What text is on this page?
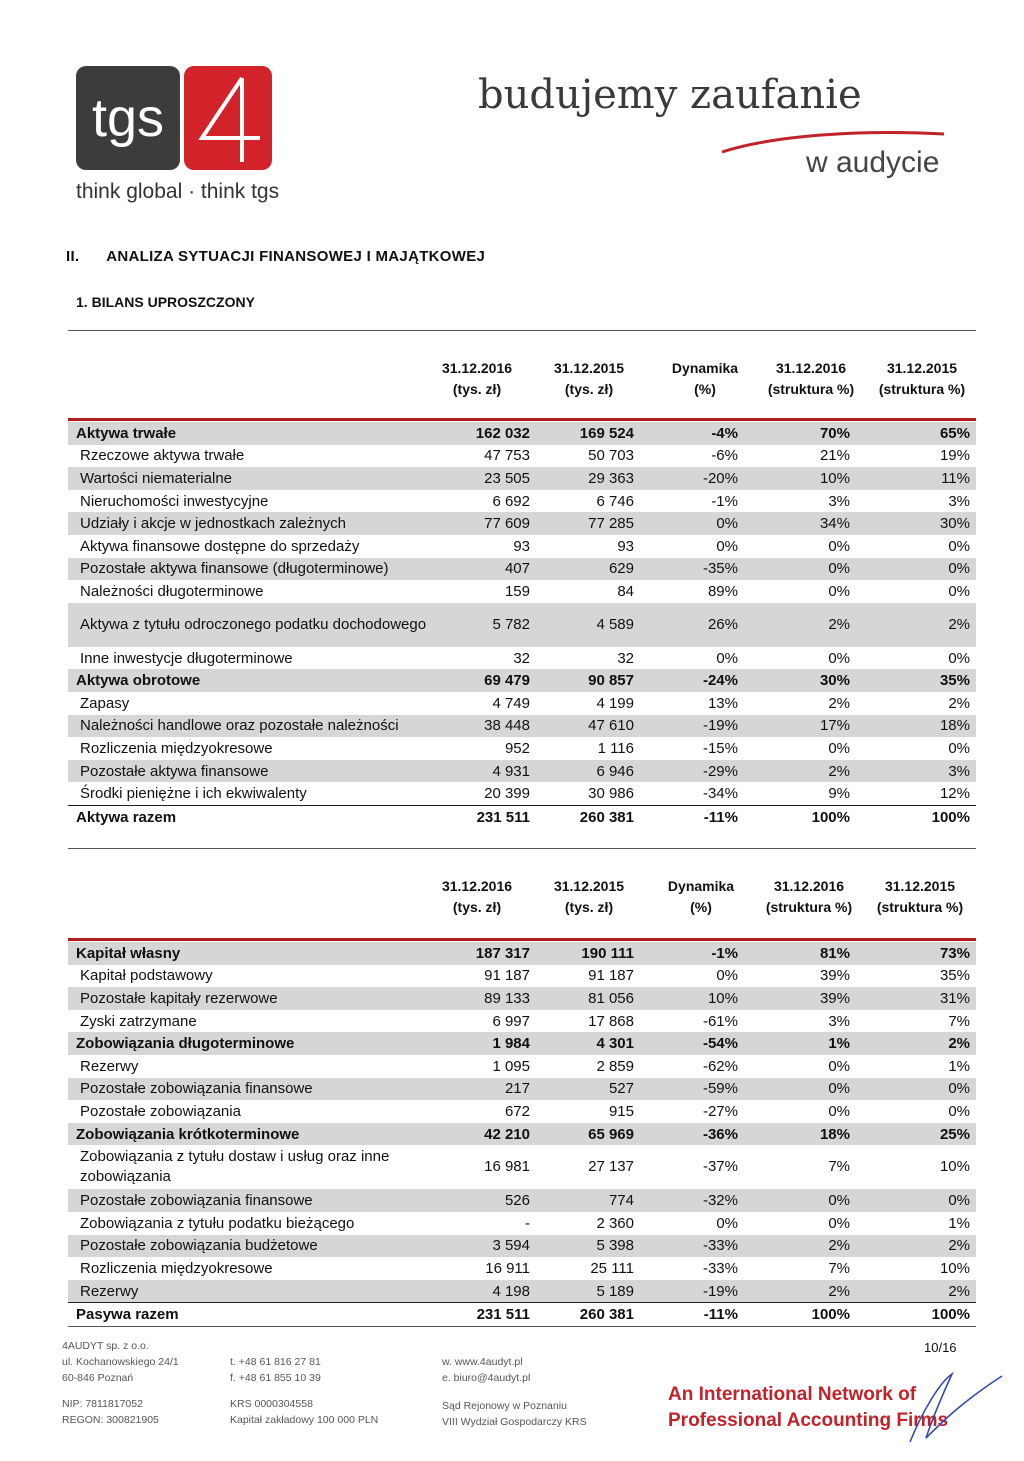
tgs
think global · think tgs
budujemy zaufanie
w audycie
II. ANALIZA SYTUACJI FINANSOWEJ I MAJĄTKOWEJ
1. BILANS UPROSZCZONY
31.12.2016
(tys. zł)
31.12.2015
(tys. zł)
Dynamika
(%)
31.12.2016
(struktura %)
31.12.2015
(struktura %)
Aktywa trwałe	162 032	169 524	-4%	70%	65%
Rzeczowe aktywa trwałe	47 753	50 703	-6%	21%	19%
Wartości niematerialne	23 505	29 363	-20%	10%	11%
Nieruchomości inwestycyjne	6 692	6 746	-1%	3%	3%
Udziały i akcje w jednostkach zależnych	77 609	77 285	0%	34%	30%
Aktywa finansowe dostępne do sprzedaży	93	93	0%	0%	0%
Pozostałe aktywa finansowe (długoterminowe)	407	629	-35%	0%	0%
Należności długoterminowe	159	84	89%	0%	0%
Aktywa z tytułu odroczonego podatku dochodowego	5 782	4 589	26%	2%	2%
Inne inwestycje długoterminowe	32	32	0%	0%	0%
Aktywa obrotowe	69 479	90 857	-24%	30%	35%
Zapasy	4 749	4 199	13%	2%	2%
Należności handlowe oraz pozostałe należności	38 448	47 610	-19%	17%	18%
Rozliczenia międzyokresowe	952	1 116	-15%	0%	0%
Pozostałe aktywa finansowe	4 931	6 946	-29%	2%	3%
Środki pieniężne i ich ekwiwalenty	20 399	30 986	-34%	9%	12%
Aktywa razem	231 511	260 381	-11%	100%	100%
31.12.2016
(tys. zł)
31.12.2015
(tys. zł)
Dynamika
(%)
31.12.2016
(struktura %)
31.12.2015
(struktura %)
Kapitał własny	187 317	190 111	-1%	81%	73%
Kapitał podstawowy	91 187	91 187	0%	39%	35%
Pozostałe kapitały rezerwowe	89 133	81 056	10%	39%	31%
Zyski zatrzymane	6 997	17 868	-61%	3%	7%
Zobowiązania długoterminowe	1 984	4 301	-54%	1%	2%
Rezerwy	1 095	2 859	-62%	0%	1%
Pozostałe zobowiązania finansowe	217	527	-59%	0%	0%
Pozostałe zobowiązania	672	915	-27%	0%	0%
Zobowiązania krótkoterminowe	42 210	65 969	-36%	18%	25%
Zobowiązania z tytułu dostaw i usług oraz inne zobowiązania	16 981	27 137	-37%	7%	10%
Pozostałe zobowiązania finansowe	526	774	-32%	0%	0%
Zobowiązania z tytułu podatku bieżącego	-	2 360	0%	0%	1%
Pozostałe zobowiązania budżetowe	3 594	5 398	-33%	2%	2%
Rozliczenia międzyokresowe	16 911	25 111	-33%	7%	10%
Rezerwy	4 198	5 189	-19%	2%	2%
Pasywa razem	231 511	260 381	-11%	100%	100%
4AUDYT sp. z o.o.
ul. Kochanowskiego 24/1
60-846 Poznań
t. +48 61 816 27 81
f. +48 61 855 10 39
w. www.4audyt.pl
e. biuro@4audyt.pl
NIP: 7811817052
REGON: 300821905
KRS 0000304558
Kapitał zakładowy 100 000 PLN
Sąd Rejonowy w Poznaniu
VIII Wydział Gospodarczy KRS
10/16
An International Network of
Professional Accounting Firms
